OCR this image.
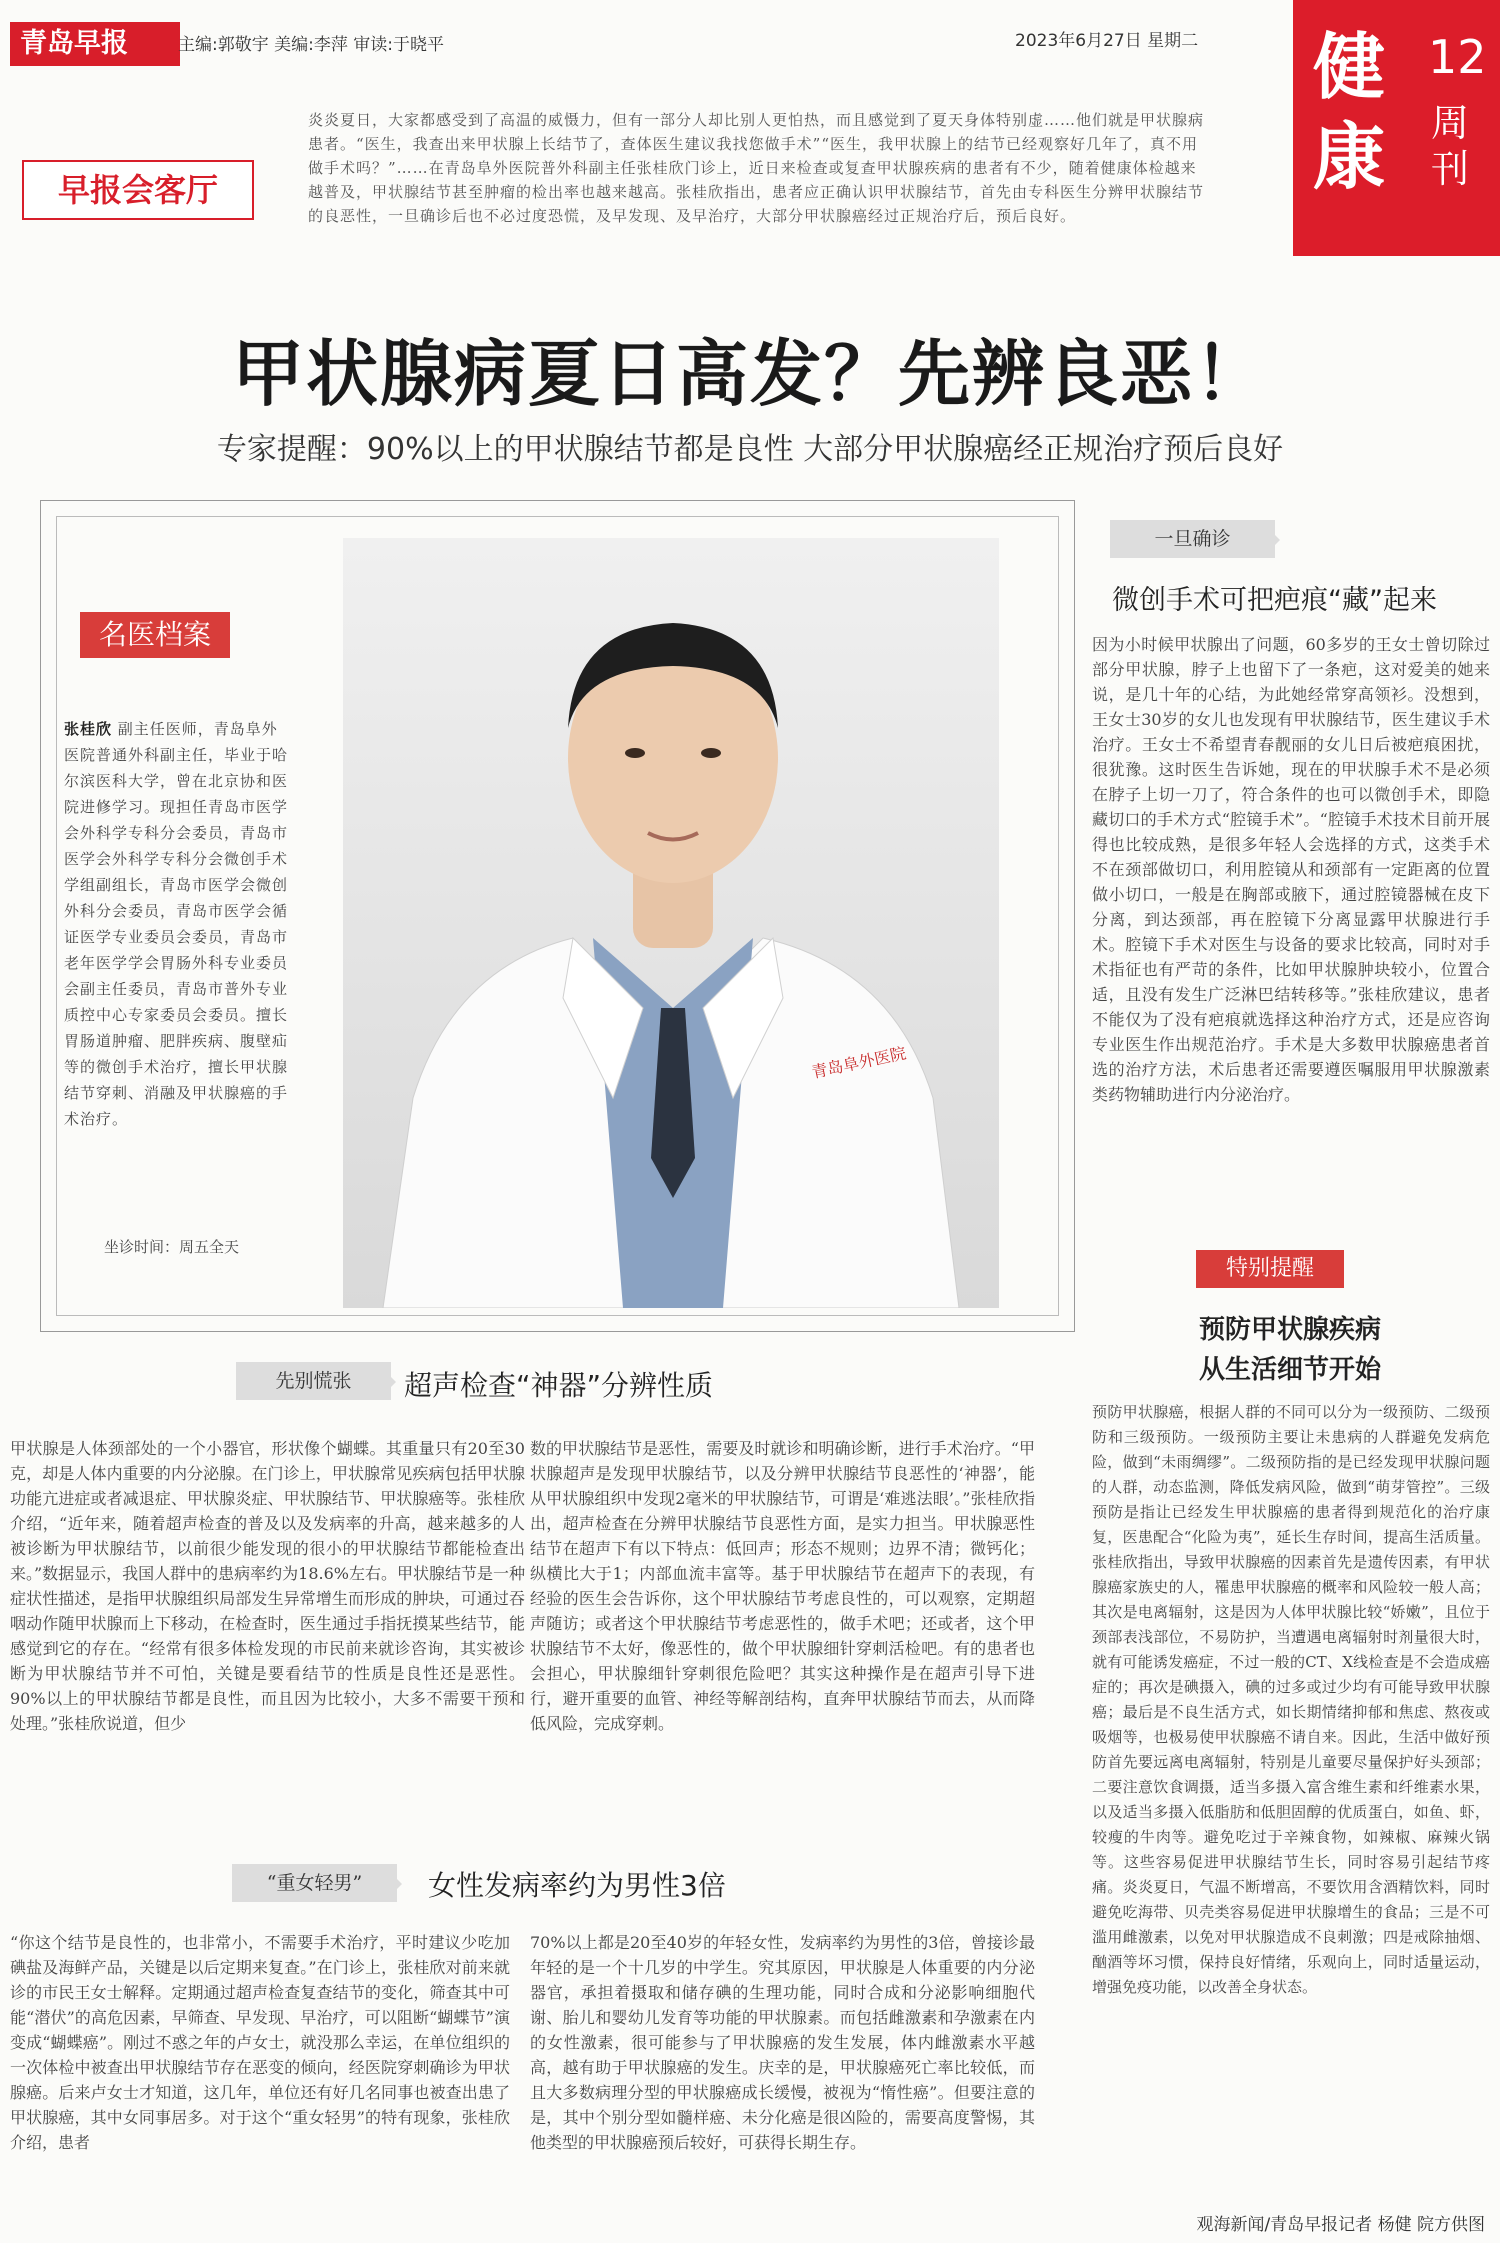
青岛早报	主编:郭敬宇 美编:李萍 审读:于晓平	2023年6月27日 星期二 健康
12
周刊
早报会客厅
炎炎夏日，大家都感受到了高温的威慑力，但有一部分人却比别人更怕热，而且感觉到了夏天身体特别虚……他们就是甲状腺病患者。“医生，我查出来甲状腺上长结节了，查体医生建议我找您做手术”“医生，我甲状腺上的结节已经观察好几年了，真不用做手术吗？”……在青岛阜外医院普外科副主任张桂欣门诊上，近日来检查或复查甲状腺疾病的患者有不少，随着健康体检越来越普及，甲状腺结节甚至肿瘤的检出率也越来越高。张桂欣指出，患者应正确认识甲状腺结节，首先由专科医生分辨甲状腺结节的良恶性，一旦确诊后也不必过度恐慌，及早发现、及早治疗，大部分甲状腺癌经过正规治疗后，预后良好。
甲状腺病夏日高发？先辨良恶！
专家提醒：90%以上的甲状腺结节都是良性 大部分甲状腺癌经正规治疗预后良好
名医档案
张桂欣 副主任医师，青岛阜外医院普通外科副主任，毕业于哈尔滨医科大学，曾在北京协和医院进修学习。现担任青岛市医学会外科学专科分会委员，青岛市医学会外科学专科分会微创手术学组副组长，青岛市医学会微创外科分会委员，青岛市医学会循证医学专业委员会委员，青岛市老年医学学会胃肠外科专业委员会副主任委员，青岛市普外专业质控中心专家委员会委员。擅长胃肠道肿瘤、肥胖疾病、腹壁疝等的微创手术治疗，擅长甲状腺结节穿刺、消融及甲状腺癌的手术治疗。
坐诊时间：周五全天
青岛阜外医院
先别慌张	超声检查“神器”分辨性质
甲状腺是人体颈部处的一个小器官，形状像个蝴蝶。其重量只有20至30克，却是人体内重要的内分泌腺。在门诊上，甲状腺常见疾病包括甲状腺功能亢进症或者减退症、甲状腺炎症、甲状腺结节、甲状腺癌等。张桂欣介绍，“近年来，随着超声检查的普及以及发病率的升高，越来越多的人被诊断为甲状腺结节，以前很少能发现的很小的甲状腺结节都能检查出来。”数据显示，我国人群中的患病率约为18.6%左右。甲状腺结节是一种症状性描述，是指甲状腺组织局部发生异常增生而形成的肿块，可通过吞咽动作随甲状腺而上下移动，在检查时，医生通过手指抚摸某些结节，能感觉到它的存在。“经常有很多体检发现的市民前来就诊咨询，其实被诊断为甲状腺结节并不可怕，关键是要看结节的性质是良性还是恶性。90%以上的甲状腺结节都是良性，而且因为比较小，大多不需要干预和处理。”张桂欣说道，但少
数的甲状腺结节是恶性，需要及时就诊和明确诊断，进行手术治疗。“甲状腺超声是发现甲状腺结节，以及分辨甲状腺结节良恶性的‘神器’，能从甲状腺组织中发现2毫米的甲状腺结节，可谓是‘难逃法眼’。”张桂欣指出，超声检查在分辨甲状腺结节良恶性方面，是实力担当。甲状腺恶性结节在超声下有以下特点：低回声；形态不规则；边界不清；微钙化；纵横比大于1；内部血流丰富等。基于甲状腺结节在超声下的表现，有经验的医生会告诉你，这个甲状腺结节考虑良性的，可以观察，定期超声随访；或者这个甲状腺结节考虑恶性的，做手术吧；还或者，这个甲状腺结节不太好，像恶性的，做个甲状腺细针穿刺活检吧。有的患者也会担心，甲状腺细针穿刺很危险吧？其实这种操作是在超声引导下进行，避开重要的血管、神经等解剖结构，直奔甲状腺结节而去，从而降低风险，完成穿刺。
“重女轻男”	女性发病率约为男性3倍
“你这个结节是良性的，也非常小，不需要手术治疗，平时建议少吃加碘盐及海鲜产品，关键是以后定期来复查。”在门诊上，张桂欣对前来就诊的市民王女士解释。定期通过超声检查复查结节的变化，筛查其中可能“潜伏”的高危因素，早筛查、早发现、早治疗，可以阻断“蝴蝶节”演变成“蝴蝶癌”。刚过不惑之年的卢女士，就没那么幸运，在单位组织的一次体检中被查出甲状腺结节存在恶变的倾向，经医院穿刺确诊为甲状腺癌。后来卢女士才知道，这几年，单位还有好几名同事也被查出患了甲状腺癌，其中女同事居多。对于这个“重女轻男”的特有现象，张桂欣介绍，患者
70%以上都是20至40岁的年轻女性，发病率约为男性的3倍，曾接诊最年轻的是一个十几岁的中学生。究其原因，甲状腺是人体重要的内分泌器官，承担着摄取和储存碘的生理功能，同时合成和分泌影响细胞代谢、胎儿和婴幼儿发育等功能的甲状腺素。而包括雌激素和孕激素在内的女性激素，很可能参与了甲状腺癌的发生发展，体内雌激素水平越高，越有助于甲状腺癌的发生。庆幸的是，甲状腺癌死亡率比较低，而且大多数病理分型的甲状腺癌成长缓慢，被视为“惰性癌”。但要注意的是，其中个别分型如髓样癌、未分化癌是很凶险的，需要高度警惕，其他类型的甲状腺癌预后较好，可获得长期生存。
一旦确诊
微创手术可把疤痕“藏”起来
因为小时候甲状腺出了问题，60多岁的王女士曾切除过部分甲状腺，脖子上也留下了一条疤，这对爱美的她来说，是几十年的心结，为此她经常穿高领衫。没想到，王女士30岁的女儿也发现有甲状腺结节，医生建议手术治疗。王女士不希望青春靓丽的女儿日后被疤痕困扰，很犹豫。这时医生告诉她，现在的甲状腺手术不是必须在脖子上切一刀了，符合条件的也可以微创手术，即隐藏切口的手术方式“腔镜手术”。“腔镜手术技术目前开展得也比较成熟，是很多年轻人会选择的方式，这类手术不在颈部做切口，利用腔镜从和颈部有一定距离的位置做小切口，一般是在胸部或腋下，通过腔镜器械在皮下分离，到达颈部，再在腔镜下分离显露甲状腺进行手术。腔镜下手术对医生与设备的要求比较高，同时对手术指征也有严苛的条件，比如甲状腺肿块较小，位置合适，且没有发生广泛淋巴结转移等。”张桂欣建议，患者不能仅为了没有疤痕就选择这种治疗方式，还是应咨询专业医生作出规范治疗。手术是大多数甲状腺癌患者首选的治疗方法，术后患者还需要遵医嘱服用甲状腺激素类药物辅助进行内分泌治疗。
特别提醒
预防甲状腺疾病
从生活细节开始
预防甲状腺癌，根据人群的不同可以分为一级预防、二级预防和三级预防。一级预防主要让未患病的人群避免发病危险，做到“未雨绸缪”。二级预防指的是已经发现甲状腺问题的人群，动态监测，降低发病风险，做到“萌芽管控”。三级预防是指让已经发生甲状腺癌的患者得到规范化的治疗康复，医患配合“化险为夷”，延长生存时间，提高生活质量。张桂欣指出，导致甲状腺癌的因素首先是遗传因素，有甲状腺癌家族史的人，罹患甲状腺癌的概率和风险较一般人高；其次是电离辐射，这是因为人体甲状腺比较“娇嫩”，且位于颈部表浅部位，不易防护，当遭遇电离辐射时剂量很大时，就有可能诱发癌症，不过一般的CT、X线检查是不会造成癌症的；再次是碘摄入，碘的过多或过少均有可能导致甲状腺癌；最后是不良生活方式，如长期情绪抑郁和焦虑、熬夜或吸烟等，也极易使甲状腺癌不请自来。因此，生活中做好预防首先要远离电离辐射，特别是儿童要尽量保护好头颈部；二要注意饮食调摄，适当多摄入富含维生素和纤维素水果，以及适当多摄入低脂肪和低胆固醇的优质蛋白，如鱼、虾，较瘦的牛肉等。避免吃过于辛辣食物，如辣椒、麻辣火锅等。这些容易促进甲状腺结节生长，同时容易引起结节疼痛。炎炎夏日，气温不断增高，不要饮用含酒精饮料，同时避免吃海带、贝壳类容易促进甲状腺增生的食品；三是不可滥用雌激素，以免对甲状腺造成不良刺激；四是戒除抽烟、酗酒等坏习惯，保持良好情绪，乐观向上，同时适量运动，增强免疫功能，以改善全身状态。
观海新闻/青岛早报记者 杨健 院方供图
